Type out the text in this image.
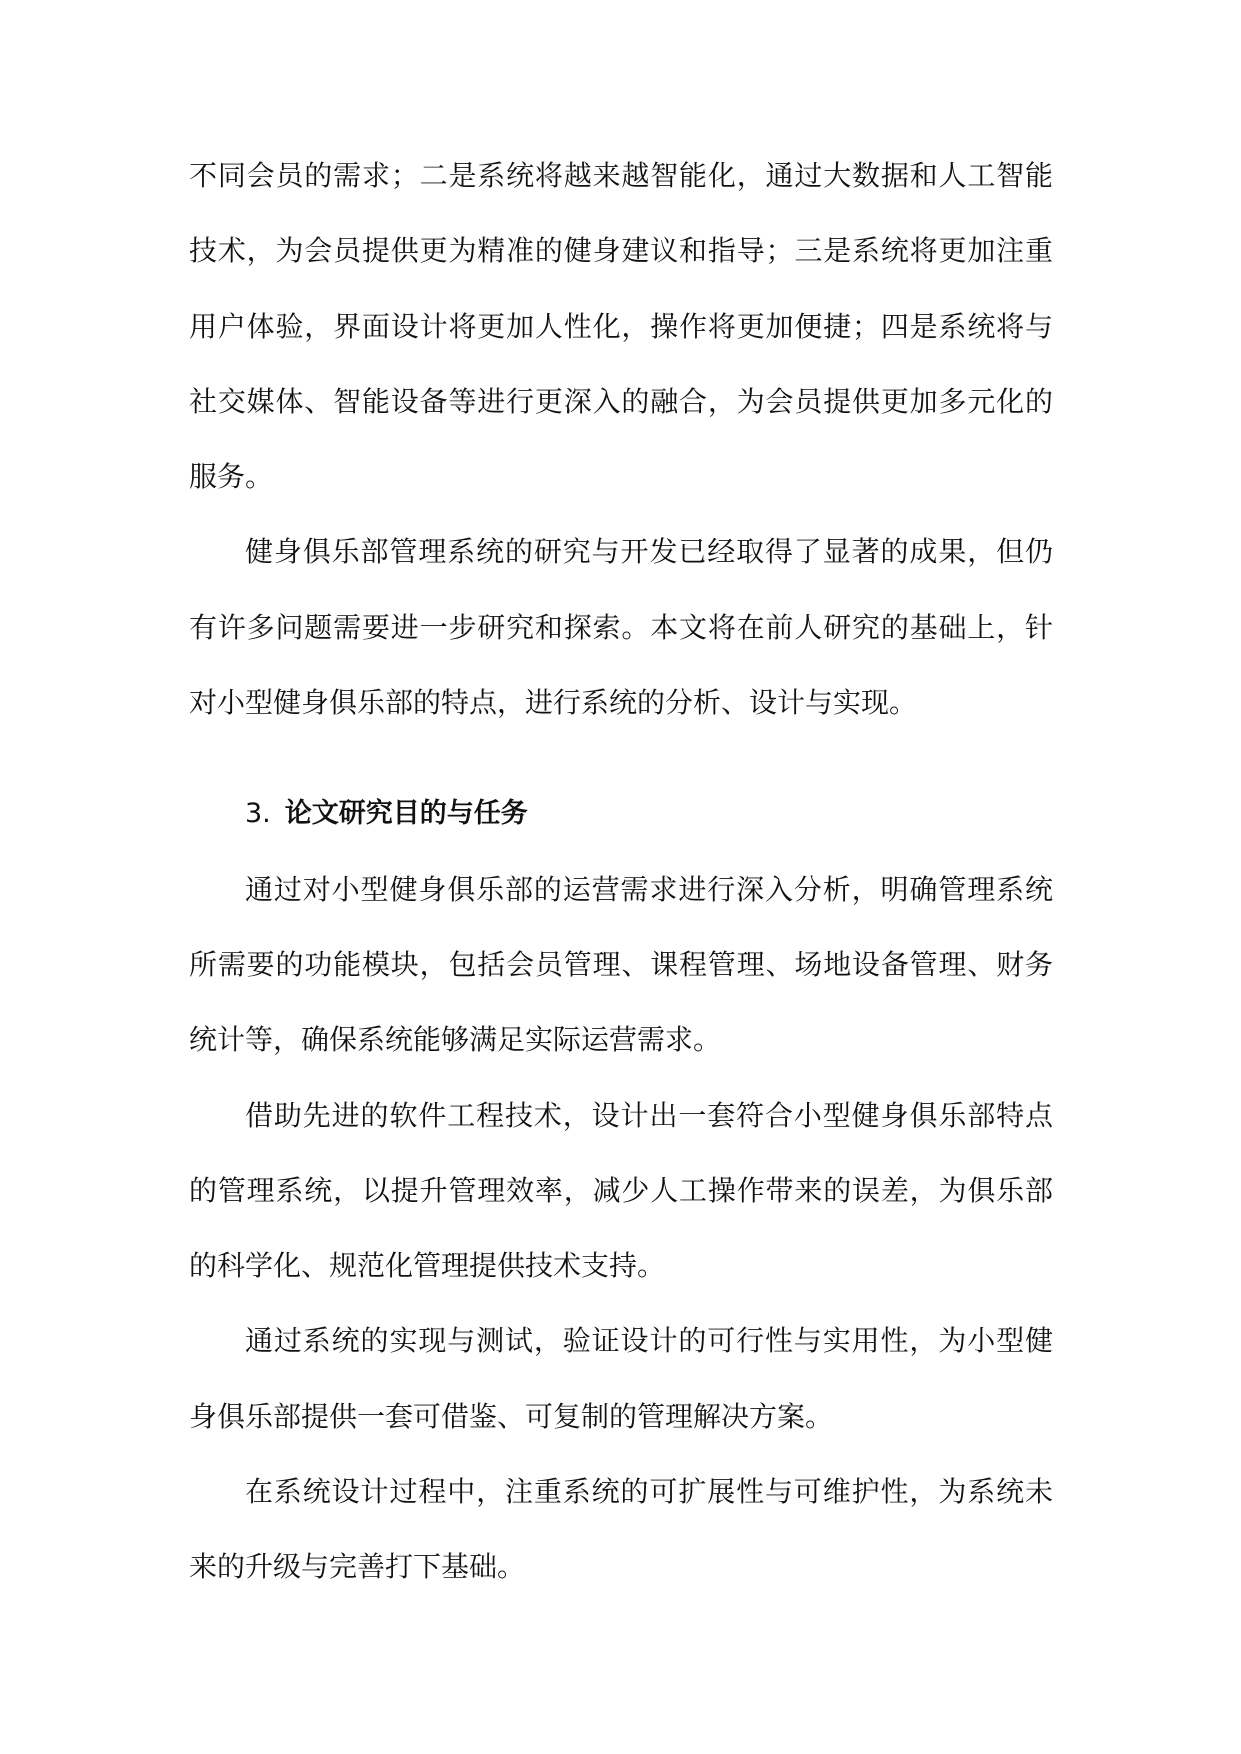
不同会员的需求；二是系统将越来越智能化，通过大数据和人工智能技术，为会员提供更为精准的健身建议和指导；三是系统将更加注重用户体验，界面设计将更加人性化，操作将更加便捷；四是系统将与社交媒体、智能设备等进行更深入的融合，为会员提供更加多元化的服务。

健身俱乐部管理系统的研究与开发已经取得了显著的成果，但仍有许多问题需要进一步研究和探索。本文将在前人研究的基础上，针对小型健身俱乐部的特点，进行系统的分析、设计与实现。

3. 论文研究目的与任务

通过对小型健身俱乐部的运营需求进行深入分析，明确管理系统所需要的功能模块，包括会员管理、课程管理、场地设备管理、财务统计等，确保系统能够满足实际运营需求。

借助先进的软件工程技术，设计出一套符合小型健身俱乐部特点的管理系统，以提升管理效率，减少人工操作带来的误差，为俱乐部的科学化、规范化管理提供技术支持。

通过系统的实现与测试，验证设计的可行性与实用性，为小型健身俱乐部提供一套可借鉴、可复制的管理解决方案。

在系统设计过程中，注重系统的可扩展性与可维护性，为系统未来的升级与完善打下基础。
